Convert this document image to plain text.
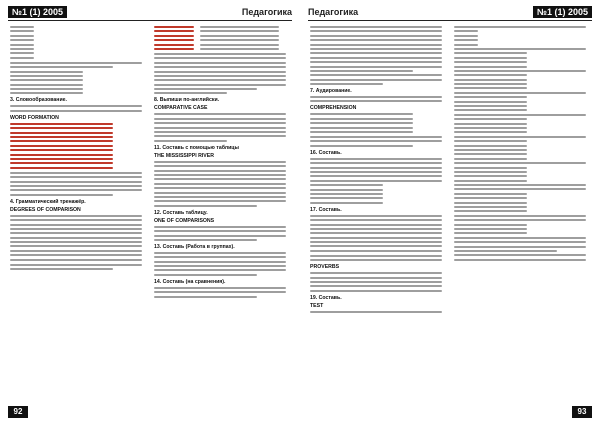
№1 (1) 2005	Педагогика
3. Словообразование.
WORD FORMATION
4. Грамматический тренажёр.
DEGREES OF COMPARISON
8. Выпиши по-английски.
COMPARATIVE CASE
11. Составь с помощью таблицы
THE MISSISSIPPI RIVER
12. Составь таблицу.
ONE OF COMPARISONS
13. Составь (Работа в группах).
14. Составь (на сравнения).
92
Педагогика	№1 (1) 2005
7. Аудирование.
COMPREHENSION
16. Составь.
17. Составь.
PROVERBS
19. Составь.
TEST
93
